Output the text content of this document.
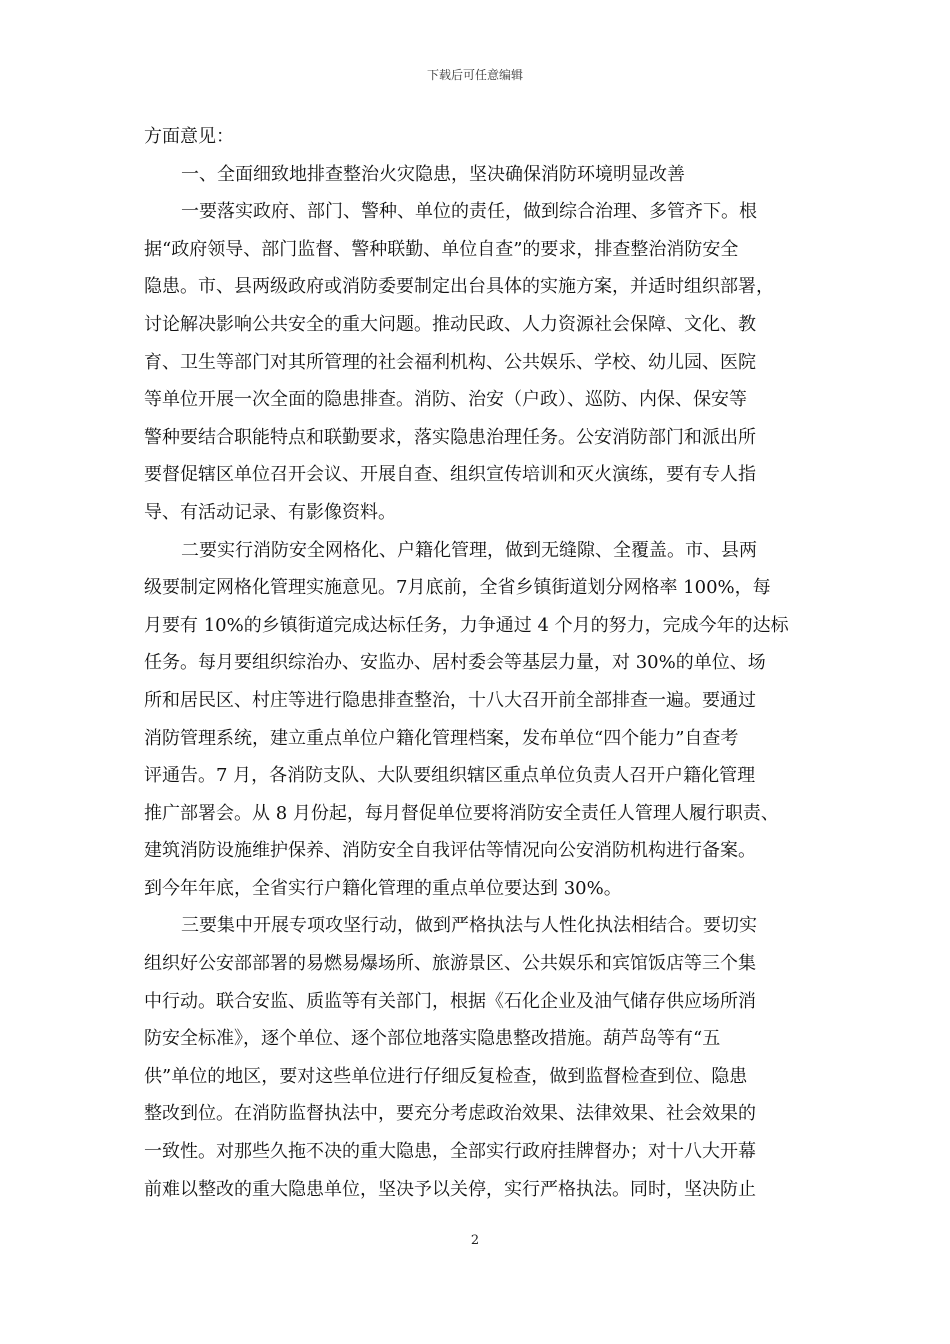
下载后可任意编辑
方面意见：
一、全面细致地排查整治火灾隐患，坚决确保消防环境明显改善
一要落实政府、部门、警种、单位的责任，做到综合治理、多管齐下。根
据“政府领导、部门监督、警种联勤、单位自查”的要求，排查整治消防安全
隐患。市、县两级政府或消防委要制定出台具体的实施方案，并适时组织部署，
讨论解决影响公共安全的重大问题。推动民政、人力资源社会保障、文化、教
育、卫生等部门对其所管理的社会福利机构、公共娱乐、学校、幼儿园、医院
等单位开展一次全面的隐患排查。消防、治安（户政）、巡防、内保、保安等
警种要结合职能特点和联勤要求，落实隐患治理任务。公安消防部门和派出所
要督促辖区单位召开会议、开展自查、组织宣传培训和灭火演练，要有专人指
导、有活动记录、有影像资料。
二要实行消防安全网格化、户籍化管理，做到无缝隙、全覆盖。市、县两
级要制定网格化管理实施意见。7月底前，全省乡镇街道划分网格率 100%，每
月要有 10%的乡镇街道完成达标任务，力争通过 4 个月的努力，完成今年的达标
任务。每月要组织综治办、安监办、居村委会等基层力量，对 30%的单位、场
所和居民区、村庄等进行隐患排查整治，十八大召开前全部排查一遍。要通过
消防管理系统，建立重点单位户籍化管理档案，发布单位“四个能力”自查考
评通告。7 月，各消防支队、大队要组织辖区重点单位负责人召开户籍化管理
推广部署会。从 8 月份起，每月督促单位要将消防安全责任人管理人履行职责、
建筑消防设施维护保养、消防安全自我评估等情况向公安消防机构进行备案。
到今年年底，全省实行户籍化管理的重点单位要达到 30%。
三要集中开展专项攻坚行动，做到严格执法与人性化执法相结合。要切实
组织好公安部部署的易燃易爆场所、旅游景区、公共娱乐和宾馆饭店等三个集
中行动。联合安监、质监等有关部门，根据《石化企业及油气储存供应场所消
防安全标准》，逐个单位、逐个部位地落实隐患整改措施。葫芦岛等有“五
供”单位的地区，要对这些单位进行仔细反复检查，做到监督检查到位、隐患
整改到位。在消防监督执法中，要充分考虑政治效果、法律效果、社会效果的
一致性。对那些久拖不决的重大隐患，全部实行政府挂牌督办；对十八大开幕
前难以整改的重大隐患单位，坚决予以关停，实行严格执法。同时，坚决防止
2
